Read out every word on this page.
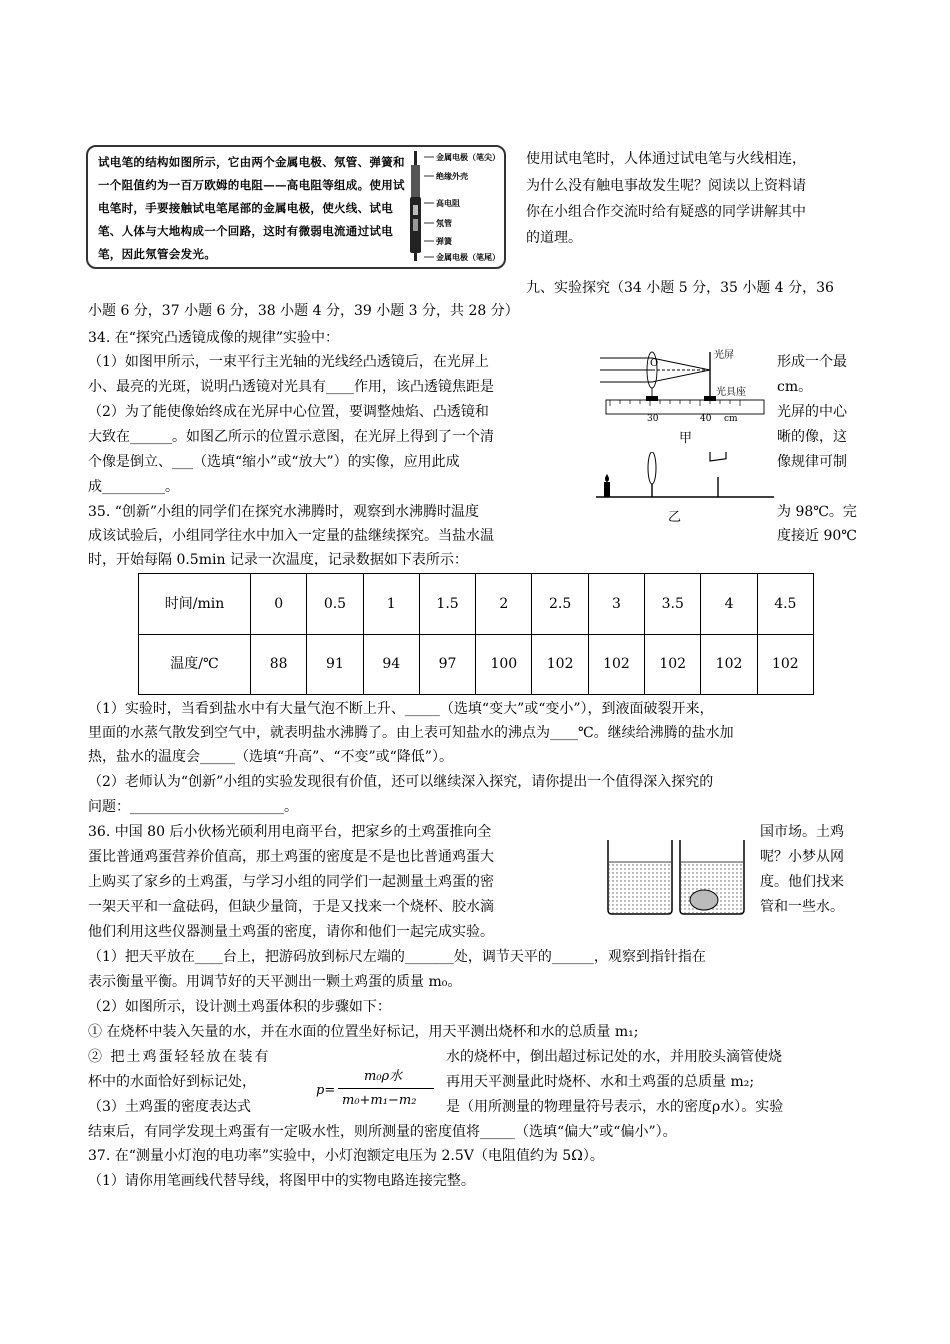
试电笔的结构如图所示，它由两个金属电极、氖管、弹簧和一个阻值约为一百万欧姆的电阻——高电阻等组成。使用试电笔时，手要接触试电笔尾部的金属电极，使火线、试电笔、人体与大地构成一个回路，这时有微弱电流通过试电笔，因此氖管会发光。
金属电极（笔尖）
绝缘外壳
高电阻
氖管
弹簧
金属电极（笔尾）
使用试电笔时，人体通过试电笔与火线相连，
为什么没有触电事故发生呢？阅读以上资料请
你在小组合作交流时给有疑惑的同学讲解其中
的道理。
九、实验探究（34 小题 5 分，35 小题 4 分，36
小题 6 分，37 小题 6 分，38 小题 4 分，39 小题 3 分，共 28 分）
34. 在“探究凸透镜成像的规律”实验中：
（1）如图甲所示，一束平行主光轴的光线经凸透镜后，在光屏上	形成一个最
小、最亮的光斑，说明凸透镜对光具有____作用，该凸透镜焦距是	cm。
（2）为了能使像始终成在光屏中心位置，要调整烛焰、凸透镜和	光屏的中心
大致在______。如图乙所示的位置示意图，在光屏上得到了一个清	晰的像，这
个像是倒立、___（选填“缩小”或“放大”）的实像，应用此成	像规律可制
成_________。
O
光屏
光具座
30	40 cm
甲
乙
35. “创新”小组的同学们在探究水沸腾时，观察到水沸腾时温度	为 98℃。完
成该试验后，小组同学往水中加入一定量的盐继续探究。当盐水温	度接近 90℃
时，开始每隔 0.5min 记录一次温度，记录数据如下表所示：
时间/min	0	0.5	1	1.5	2	2.5	3	3.5	4	4.5
温度/℃	88	91	94	97	100	102	102	102	102	102
（1）实验时，当看到盐水中有大量气泡不断上升、_____（选填“变大”或“变小”），到液面破裂开来，
里面的水蒸气散发到空气中，就表明盐水沸腾了。由上表可知盐水的沸点为____℃。继续给沸腾的盐水加
热，盐水的温度会_____（选填“升高”、“不变”或“降低”）。
（2）老师认为“创新”小组的实验发现很有价值，还可以继续深入探究，请你提出一个值得深入探究的
问题：______________________。
36. 中国 80 后小伙杨光硕利用电商平台，把家乡的土鸡蛋推向全	国市场。土鸡
蛋比普通鸡蛋营养价值高，那土鸡蛋的密度是不是也比普通鸡蛋大	呢？小梦从网
上购买了家乡的土鸡蛋，与学习小组的同学们一起测量土鸡蛋的密	度。他们找来
一架天平和一盒砝码，但缺少量筒，于是又找来一个烧杯、胶水滴	管和一些水。
他们利用这些仪器测量土鸡蛋的密度，请你和他们一起完成实验。
（1）把天平放在____台上，把游码放到标尺左端的_______处，调节天平的______，观察到指针指在
表示衡量平衡。用调节好的天平测出一颗土鸡蛋的质量 m₀。
（2）如图所示，设计测土鸡蛋体积的步骤如下：
① 在烧杯中装入矢量的水，并在水面的位置坐好标记，用天平测出烧杯和水的总质量 m₁;
② 把土鸡蛋轻轻放在装有	水的烧杯中，倒出超过标记处的水，并用胶头滴管使烧
杯中的水面恰好到标记处，	再用天平测量此时烧杯、水和土鸡蛋的总质量 m₂;
p=
m₀ρ水
m₀+m₁−m₂
（3）土鸡蛋的密度表达式	是（用所测量的物理量符号表示，水的密度ρ水）。实验
结束后，有同学发现土鸡蛋有一定吸水性，则所测量的密度值将_____（选填“偏大”或“偏小”）。
37. 在“测量小灯泡的电功率”实验中，小灯泡额定电压为 2.5V（电阻值约为 5Ω）。
（1）请你用笔画线代替导线，将图甲中的实物电路连接完整。
